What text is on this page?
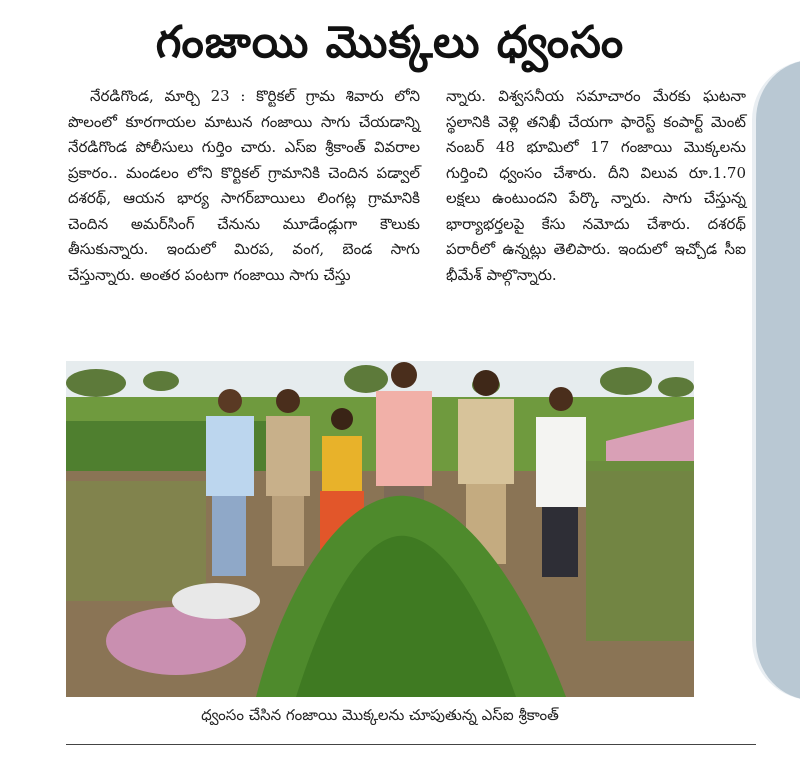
గంజాయి మొక్కలు ధ్వంసం
నేరడిగొండ, మార్చి 23 : కొర్టికల్ గ్రామ శివారు లోని పొలంలో కూరగాయల మాటున గంజాయి సాగు చేయడాన్ని నేరడిగొండ పోలీసులు గుర్తిం చారు. ఎస్ఐ శ్రీకాంత్ వివరాల ప్రకారం.. మండలం లోని కొర్టికల్ గ్రామానికి చెందిన పడ్వాల్ దశరథ్, ఆయన భార్య సాగర్‌బాయిలు లింగట్ల గ్రామానికి చెందిన అమర్‌సింగ్ చేనును మూడేండ్లుగా కౌలుకు తీసుకున్నారు. ఇందులో మిరప, వంగ, బెండ సాగు చేస్తున్నారు. అంతర పంటగా గంజాయి సాగు చేస్తు
న్నారు. విశ్వసనీయ సమాచారం మేరకు ఘటనా స్థలానికి వెళ్లి తనిఖీ చేయగా ఫారెస్ట్ కంపార్ట్ మెంట్ నంబర్ 48 భూమిలో 17 గంజాయి మొక్కలను గుర్తించి ధ్వంసం చేశారు. దీని విలువ రూ.1.70 లక్షలు ఉంటుందని పేర్కొ న్నారు. సాగు చేస్తున్న భార్యాభర్తలపై కేసు నమోదు చేశారు. దశరథ్ పరారీలో ఉన్నట్లు తెలిపారు. ఇందులో ఇచ్చోడ సీఐ భీమేశ్ పాల్గొన్నారు.
ధ్వంసం చేసిన గంజాయి మొక్కలను చూపుతున్న ఎస్ఐ శ్రీకాంత్
